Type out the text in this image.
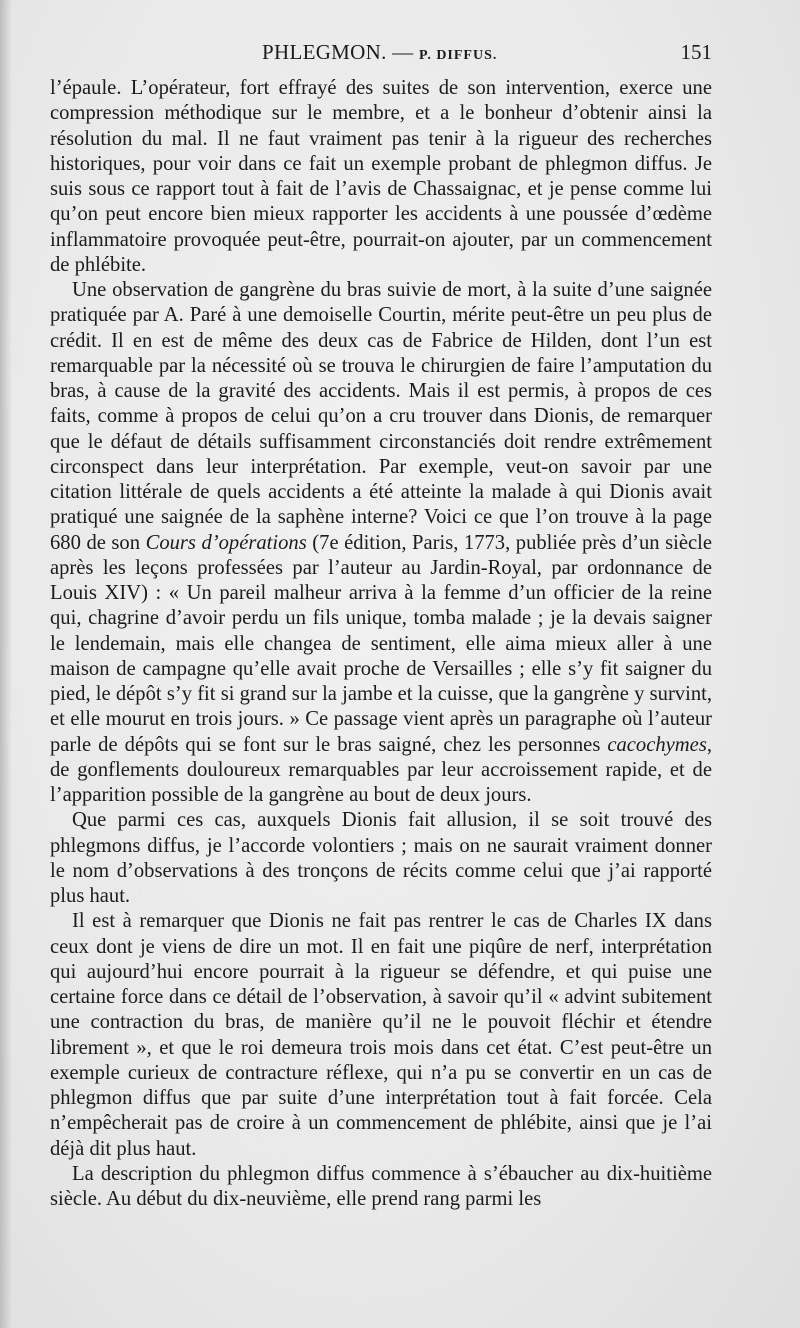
PHLEGMON. — P. DIFFUS.	151

l’épaule. L’opérateur, fort effrayé des suites de son intervention, exerce une compression méthodique sur le membre, et a le bonheur d’obtenir ainsi la résolution du mal. Il ne faut vraiment pas tenir à la rigueur des recherches historiques, pour voir dans ce fait un exemple probant de phlegmon diffus. Je suis sous ce rapport tout à fait de l’avis de Chassaignac, et je pense comme lui qu’on peut encore bien mieux rapporter les accidents à une poussée d’œdème inflammatoire provoquée peut-être, pourrait-on ajouter, par un commencement de phlébite.

Une observation de gangrène du bras suivie de mort, à la suite d’une saignée pratiquée par A. Paré à une demoiselle Courtin, mérite peut-être un peu plus de crédit. Il en est de même des deux cas de Fabrice de Hilden, dont l’un est remarquable par la nécessité où se trouva le chirurgien de faire l’amputation du bras, à cause de la gravité des accidents. Mais il est permis, à propos de ces faits, comme à propos de celui qu’on a cru trouver dans Dionis, de remarquer que le défaut de détails suffisamment circonstanciés doit rendre extrêmement circonspect dans leur interprétation. Par exemple, veut-on savoir par une citation littérale de quels accidents a été atteinte la malade à qui Dionis avait pratiqué une saignée de la saphène interne? Voici ce que l’on trouve à la page 680 de son Cours d’opérations (7e édition, Paris, 1773, publiée près d’un siècle après les leçons professées par l’auteur au Jardin-Royal, par ordonnance de Louis XIV) : « Un pareil malheur arriva à la femme d’un officier de la reine qui, chagrine d’avoir perdu un fils unique, tomba malade ; je la devais saigner le lendemain, mais elle changea de sentiment, elle aima mieux aller à une maison de campagne qu’elle avait proche de Versailles ; elle s’y fit saigner du pied, le dépôt s’y fit si grand sur la jambe et la cuisse, que la gangrène y survint, et elle mourut en trois jours. » Ce passage vient après un paragraphe où l’auteur parle de dépôts qui se font sur le bras saigné, chez les personnes cacochymes, de gonflements douloureux remarquables par leur accroissement rapide, et de l’apparition possible de la gangrène au bout de deux jours.

Que parmi ces cas, auxquels Dionis fait allusion, il se soit trouvé des phlegmons diffus, je l’accorde volontiers ; mais on ne saurait vraiment donner le nom d’observations à des tronçons de récits comme celui que j’ai rapporté plus haut.

Il est à remarquer que Dionis ne fait pas rentrer le cas de Charles IX dans ceux dont je viens de dire un mot. Il en fait une piqûre de nerf, interprétation qui aujourd’hui encore pourrait à la rigueur se défendre, et qui puise une certaine force dans ce détail de l’observation, à savoir qu’il « advint subitement une contraction du bras, de manière qu’il ne le pouvoit fléchir et étendre librement », et que le roi demeura trois mois dans cet état. C’est peut-être un exemple curieux de contracture réflexe, qui n’a pu se convertir en un cas de phlegmon diffus que par suite d’une interprétation tout à fait forcée. Cela n’empêcherait pas de croire à un commencement de phlébite, ainsi que je l’ai déjà dit plus haut.

La description du phlegmon diffus commence à s’ébaucher au dix-huitième siècle. Au début du dix-neuvième, elle prend rang parmi les
